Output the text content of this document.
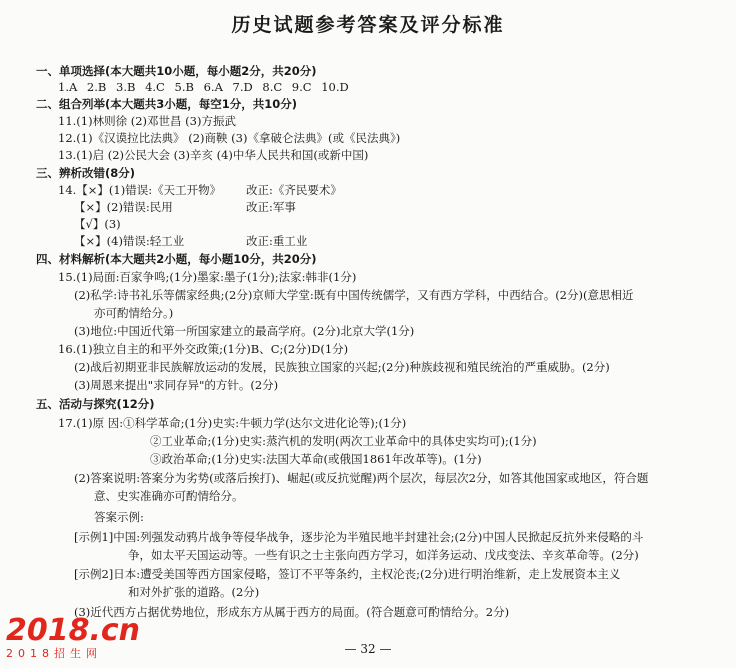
历史试题参考答案及评分标准
一、单项选择(本大题共10小题，每小题2分，共20分)
1.A 2.B 3.B 4.C 5.B 6.A 7.D 8.C 9.C 10.D
二、组合列举(本大题共3小题，每空1分，共10分)
11.(1)林则徐 (2)邓世昌 (3)方振武
12.(1)《汉谟拉比法典》 (2)商鞅 (3)《拿破仑法典》(或《民法典》)
13.(1)启 (2)公民大会 (3)辛亥 (4)中华人民共和国(或新中国)
三、辨析改错(8分)
14.【×】(1)错误:《天工开物》 改正:《齐民要术》
【×】(2)错误:民用	改正:军事
【√】(3)
【×】(4)错误:轻工业	改正:重工业
四、材料解析(本大题共2小题，每小题10分，共20分)
15.(1)局面:百家争鸣;(1分)墨家:墨子(1分);法家:韩非(1分)
(2)私学:诗书礼乐等儒家经典;(2分)京师大学堂:既有中国传统儒学，又有西方学科，中西结合。(2分)(意思相近
亦可酌情给分。)
(3)地位:中国近代第一所国家建立的最高学府。(2分)北京大学(1分)
16.(1)独立自主的和平外交政策;(1分)B、C;(2分)D(1分)
(2)战后初期亚非民族解放运动的发展，民族独立国家的兴起;(2分)种族歧视和殖民统治的严重威胁。(2分)
(3)周恩来提出"求同存异"的方针。(2分)
五、活动与探究(12分)
17.(1)原 因:①科学革命;(1分)史实:牛顿力学(达尔文进化论等);(1分)
②工业革命;(1分)史实:蒸汽机的发明(两次工业革命中的具体史实均可);(1分)
③政治革命;(1分)史实:法国大革命(或俄国1861年改革等)。(1分)
(2)答案说明:答案分为劣势(或落后挨打)、崛起(或反抗觉醒)两个层次，每层次2分，如答其他国家或地区，符合题
意、史实准确亦可酌情给分。
答案示例:
[示例1]中国:列强发动鸦片战争等侵华战争，逐步沦为半殖民地半封建社会;(2分)中国人民掀起反抗外来侵略的斗
争，如太平天国运动等。一些有识之士主张向西方学习，如洋务运动、戊戌变法、辛亥革命等。(2分)
[示例2]日本:遭受美国等西方国家侵略，签订不平等条约，主权沦丧;(2分)进行明治维新，走上发展资本主义
和对外扩张的道路。(2分)
(3)近代西方占据优势地位，形成东方从属于西方的局面。(符合题意可酌情给分。2分)
— 32 —
2018.cn
2018招生网
